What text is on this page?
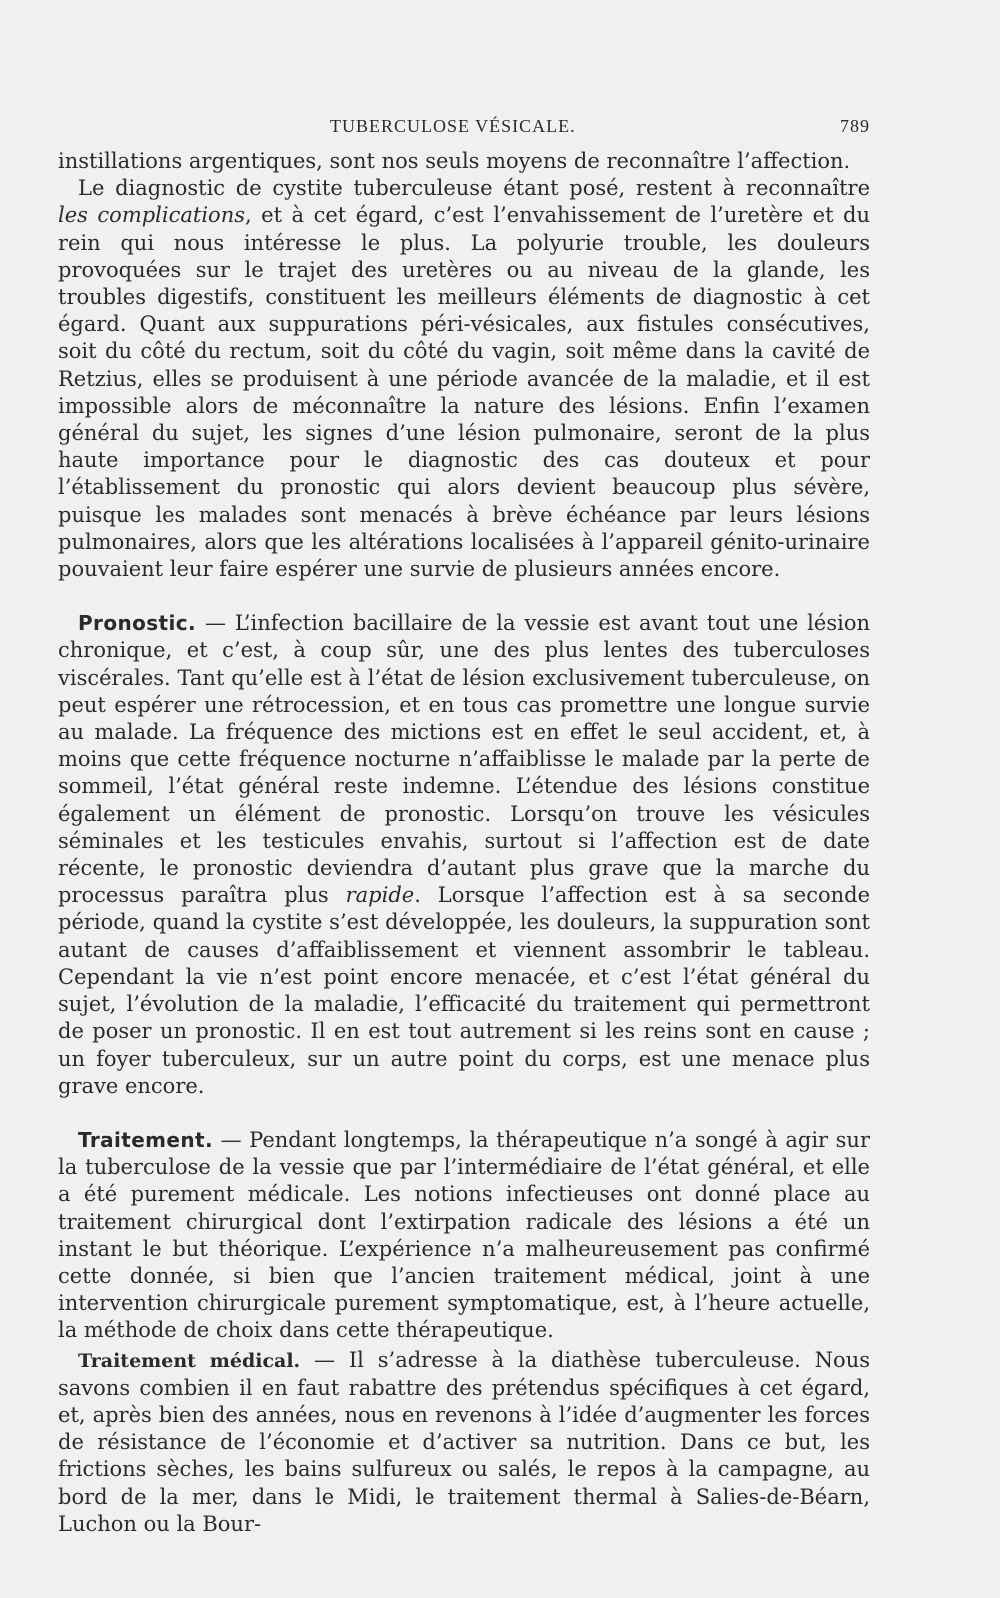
TUBERCULOSE VÉSICALE.	789

instillations argentiques, sont nos seuls moyens de reconnaître l’affection.

Le diagnostic de cystite tuberculeuse étant posé, restent à reconnaître les complications, et à cet égard, c’est l’envahissement de l’uretère et du rein qui nous intéresse le plus. La polyurie trouble, les douleurs provoquées sur le trajet des uretères ou au niveau de la glande, les troubles digestifs, constituent les meilleurs éléments de diagnostic à cet égard. Quant aux suppurations péri-vésicales, aux fistules consécutives, soit du côté du rectum, soit du côté du vagin, soit même dans la cavité de Retzius, elles se produisent à une période avancée de la maladie, et il est impossible alors de méconnaître la nature des lésions. Enfin l’examen général du sujet, les signes d’une lésion pulmonaire, seront de la plus haute importance pour le diagnostic des cas douteux et pour l’établissement du pronostic qui alors devient beaucoup plus sévère, puisque les malades sont menacés à brève échéance par leurs lésions pulmonaires, alors que les altérations localisées à l’appareil génito-urinaire pouvaient leur faire espérer une survie de plusieurs années encore.

Pronostic. — L’infection bacillaire de la vessie est avant tout une lésion chronique, et c’est, à coup sûr, une des plus lentes des tuberculoses viscérales. Tant qu’elle est à l’état de lésion exclusivement tuberculeuse, on peut espérer une rétrocession, et en tous cas promettre une longue survie au malade. La fréquence des mictions est en effet le seul accident, et, à moins que cette fréquence nocturne n’affaiblisse le malade par la perte de sommeil, l’état général reste indemne. L’étendue des lésions constitue également un élément de pronostic. Lorsqu’on trouve les vésicules séminales et les testicules envahis, surtout si l’affection est de date récente, le pronostic deviendra d’autant plus grave que la marche du processus paraîtra plus rapide. Lorsque l’affection est à sa seconde période, quand la cystite s’est développée, les douleurs, la suppuration sont autant de causes d’affaiblissement et viennent assombrir le tableau. Cependant la vie n’est point encore menacée, et c’est l’état général du sujet, l’évolution de la maladie, l’efficacité du traitement qui permettront de poser un pronostic. Il en est tout autrement si les reins sont en cause ; un foyer tuberculeux, sur un autre point du corps, est une menace plus grave encore.

Traitement. — Pendant longtemps, la thérapeutique n’a songé à agir sur la tuberculose de la vessie que par l’intermédiaire de l’état général, et elle a été purement médicale. Les notions infectieuses ont donné place au traitement chirurgical dont l’extirpation radicale des lésions a été un instant le but théorique. L’expérience n’a malheureusement pas confirmé cette donnée, si bien que l’ancien traitement médical, joint à une intervention chirurgicale purement symptomatique, est, à l’heure actuelle, la méthode de choix dans cette thérapeutique.

Traitement médical. — Il s’adresse à la diathèse tuberculeuse. Nous savons combien il en faut rabattre des prétendus spécifiques à cet égard, et, après bien des années, nous en revenons à l’idée d’augmenter les forces de résistance de l’économie et d’activer sa nutrition. Dans ce but, les frictions sèches, les bains sulfureux ou salés, le repos à la campagne, au bord de la mer, dans le Midi, le traitement thermal à Salies-de-Béarn, Luchon ou la Bour-
